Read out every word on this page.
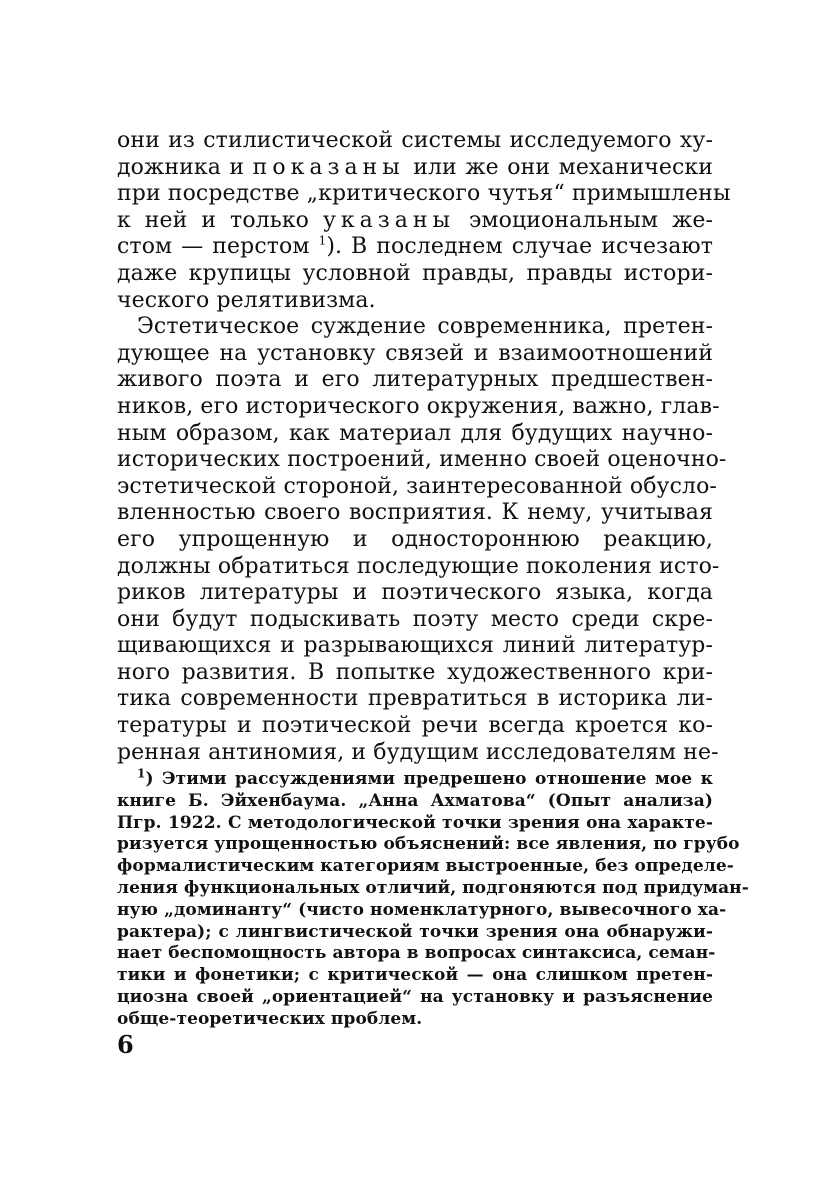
они из стилистической системы исследуемого ху-
дожника и показаны или же они механически
при посредстве „критического чутья“ примышлены
к ней и только указаны эмоциональным же-
стом — перстом $^1$). В последнем случае исчезают
даже крупицы условной правды, правды истори-
ческого релятивизма.
Эстетическое суждение современника, претен-
дующее на установку связей и взаимоотношений
живого поэта и его литературных предшествен-
ников, его исторического окружения, важно, глав-
ным образом, как материал для будущих научно-
исторических построений, именно своей оценочно-
эстетической стороной, заинтересованной обусло-
вленностью своего восприятия. К нему, учитывая
его упрощенную и одностороннюю реакцию,
должны обратиться последующие поколения исто-
риков литературы и поэтического языка, когда
они будут подыскивать поэту место среди скре-
щивающихся и разрывающихся линий литератур-
ного развития. В попытке художественного кри-
тика современности превратиться в историка ли-
тературы и поэтической речи всегда кроется ко-
ренная антиномия, и будущим исследователям не-
$^1$) Этими рассуждениями предрешено отношение мое к
книге Б. Эйхенбаума. „Анна Ахматова“ (Опыт анализа)
Пгр. 1922. С методологической точки зрения она характе-
ризуется упрощенностью объяснений: все явления, по грубо
формалистическим категориям выстроенные, без определе-
ления функциональных отличий, подгоняются под придуман-
ную „доминанту“ (чисто номенклатурного, вывесочного ха-
рактера); с лингвистической точки зрения она обнаружи-
нает беспомощность автора в вопросах синтаксиса, семан-
тики и фонетики; с критической — она слишком претен-
циозна своей „ориентацией“ на установку и разъяснение
обще-теоретических проблем.
6
